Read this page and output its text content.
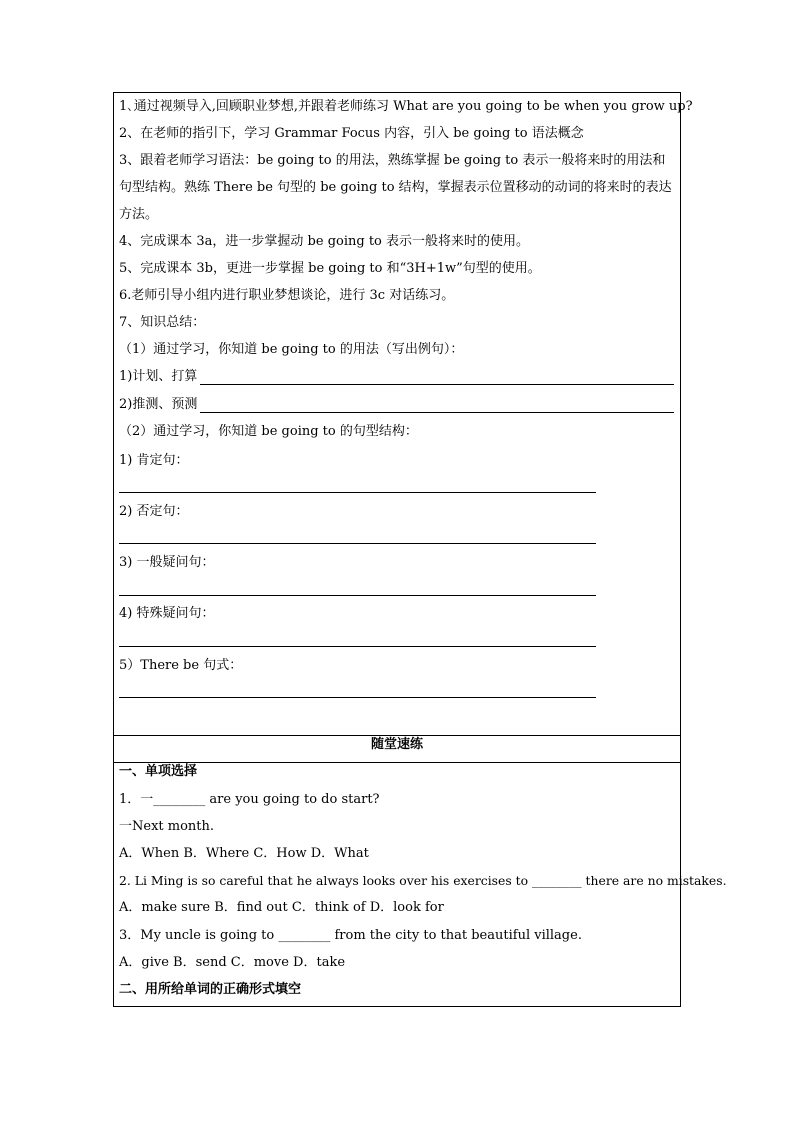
1､通过视频导入,回顾职业梦想,并跟着老师练习 What are you going to be when you grow up?
2、在老师的指引下，学习 Grammar Focus 内容，引入 be going to 语法概念
3、跟着老师学习语法：be going to 的用法，熟练掌握 be going to 表示一般将来时的用法和
句型结构。熟练 There be 句型的 be going to 结构，掌握表示位置移动的动词的将来时的表达
方法。
4、完成课本 3a，进一步掌握动 be going to 表示一般将来时的使用。
5、完成课本 3b，更进一步掌握 be going to 和“3H+1w”句型的使用。
6.老师引导小组内进行职业梦想谈论，进行 3c 对话练习。
7、知识总结：
（1）通过学习，你知道 be going to 的用法（写出例句）：
1)计划、打算
2)推测、预测
（2）通过学习，你知道 be going to 的句型结构：
1) 肯定句：
2) 否定句：
3) 一般疑问句：
4) 特殊疑问句：
5）There be 句式：
随堂速练
一、单项选择
1．一________ are you going to do start?
一Next month.
A．When B．Where C．How D．What
2. Li Ming is so careful that he always looks over his exercises to ________ there are no mistakes.
A．make sure B．find out C．think of D．look for
3．My uncle is going to ________ from the city to that beautiful village.
A．give B．send C．move D．take
二、用所给单词的正确形式填空
